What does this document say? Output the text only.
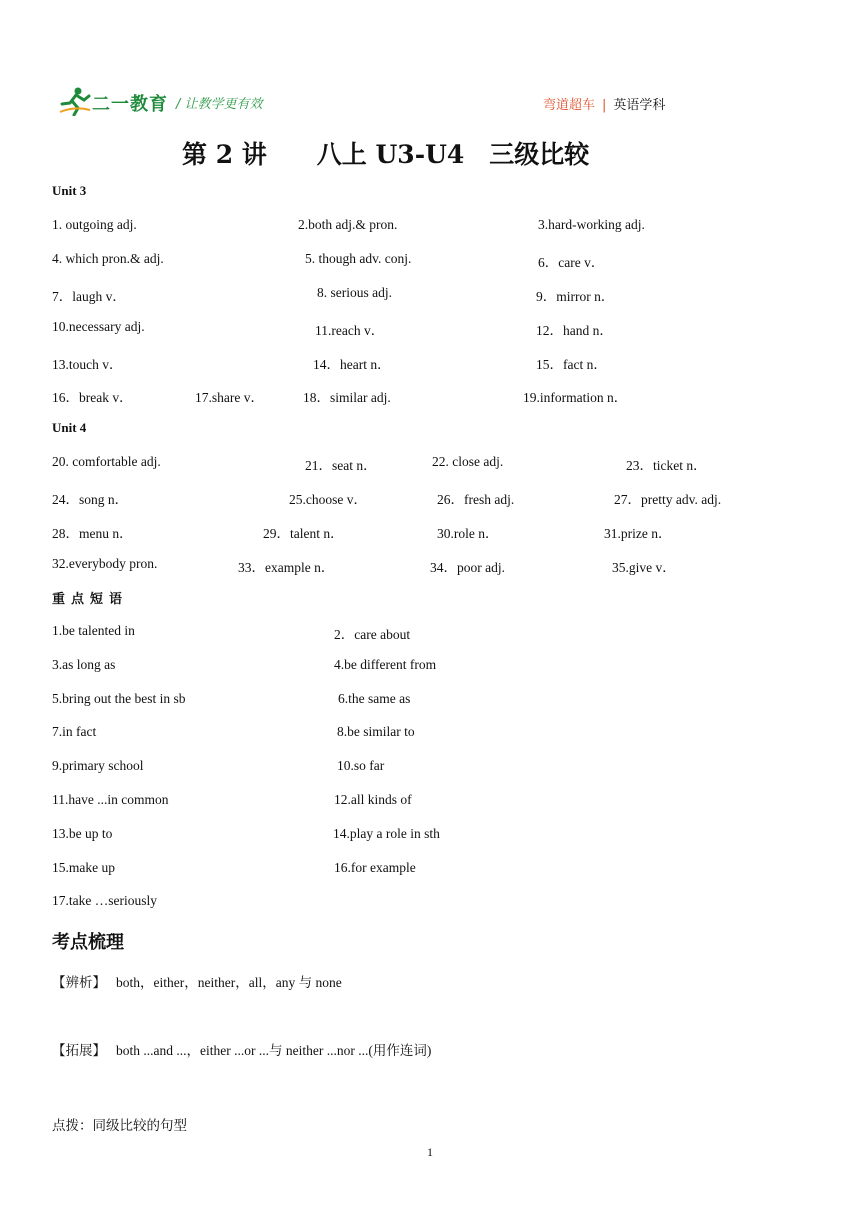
二一教育 / 让教学更有效	弯道超车 | 英语学科
第 2 讲　　八上 U3-U4　三级比较
Unit 3
1. outgoing adj.	2.both adj.& pron.	3.hard-working adj.
4. which pron.& adj.	5. though adv. conj.	6．care v．
7．laugh v．	8. serious adj.	9．mirror n．
10.necessary adj.	11.reach v．	12．hand n．
13.touch v．	14．heart n．	15．fact n．
16．break v．	17.share v．	18．similar adj.	19.information n．
Unit 4
20. comfortable adj.	21．seat n．	22. close adj.	23．ticket n．
24．song n．	25.choose v．	26．fresh adj.	27．pretty adv. adj.
28．menu n．	29．talent n．	30.role n．	31.prize n．
32.everybody pron.	33．example n．	34．poor adj.	35.give v．
重点短语
1.be talented in	2．care about
3.as long as	4.be different from
5.bring out the best in sb	6.the same as
7.in fact	8.be similar to
9.primary school	10.so far
11.have ...in common	12.all kinds of
13.be up to	14.play a role in sth
15.make up	16.for example
17.take …seriously
考点梳理
【辨析】 both，either，neither，all，any 与 none
【拓展】 both ...and ...，either ...or ...与 neither ...nor ...(用作连词)
点拨：同级比较的句型
1
